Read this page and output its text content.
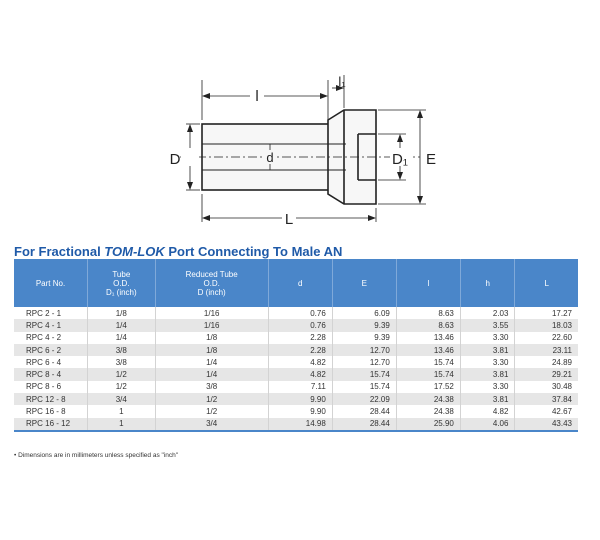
l
l₁
D	d	D₁ E
L
For Fractional TOM-LOK Port Connecting To Male AN
Part No.	Tube
O.D.
D₁ (inch)	Reduced Tube
O.D.
D (inch)	d	E	l	h	L

RPC 2 - 1	1/8	1/16	0.76	6.09	8.63	2.03	17.27
RPC 4 - 1	1/4	1/16	0.76	9.39	8.63	3.55	18.03
RPC 4 - 2	1/4	1/8	2.28	9.39	13.46	3.30	22.60
RPC 6 - 2	3/8	1/8	2.28	12.70	13.46	3.81	23.11
RPC 6 - 4	3/8	1/4	4.82	12.70	15.74	3.30	24.89
RPC 8 - 4	1/2	1/4	4.82	15.74	15.74	3.81	29.21
RPC 8 - 6	1/2	3/8	7.11	15.74	17.52	3.30	30.48
RPC 12 - 8	3/4	1/2	9.90	22.09	24.38	3.81	37.84
RPC 16 - 8	1	1/2	9.90	28.44	24.38	4.82	42.67
RPC 16 - 12	1	3/4	14.98	28.44	25.90	4.06	43.43
• Dimensions are in millimeters unless specified as "inch"
